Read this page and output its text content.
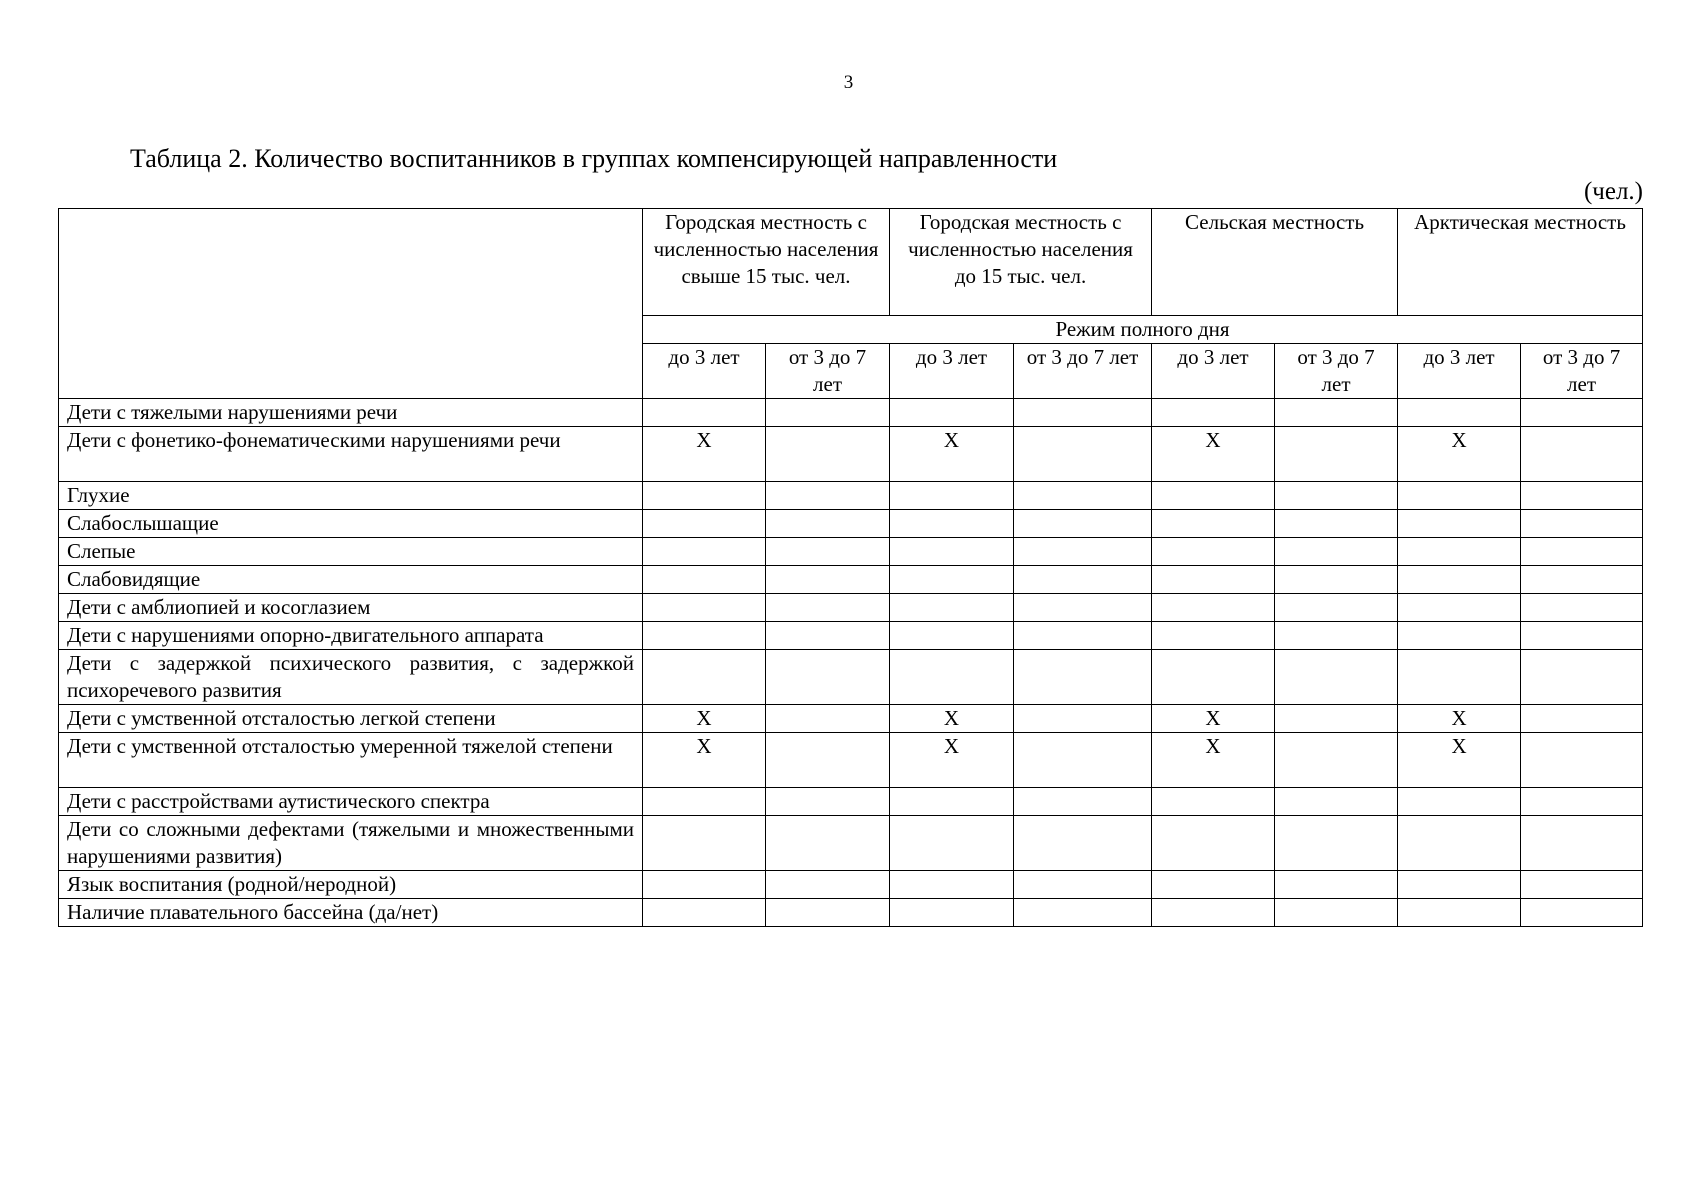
3
Таблица 2. Количество воспитанников в группах компенсирующей направленности
(чел.)
	Городская местность с численностью населения свыше 15 тыс. чел.		Городская местность с численностью населения до 15 тыс. чел.		Сельская местность		Арктическая местность	
	Режим полного дня							
	до 3 лет	от 3 до 7 лет	до 3 лет	от 3 до 7 лет	до 3 лет	от 3 до 7 лет	до 3 лет	от 3 до 7 лет
Дети с тяжелыми нарушениями речи								
Дети с фонетико-фонематическими нарушениями речи	X		X		X		X	
Глухие								
Слабослышащие								
Слепые								
Слабовидящие								
Дети с амблиопией и косоглазием								
Дети с нарушениями опорно-двигательного аппарата								
Дети с задержкой психического развития, с задержкой психоречевого развития								
Дети с умственной отсталостью легкой степени	X		X		X		X	
Дети с умственной отсталостью умеренной тяжелой степени	X		X		X		X	
Дети с расстройствами аутистического спектра								
Дети со сложными дефектами (тяжелыми и множественными нарушениями развития)								
Язык воспитания (родной/неродной)								
Наличие плавательного бассейна (да/нет)								
